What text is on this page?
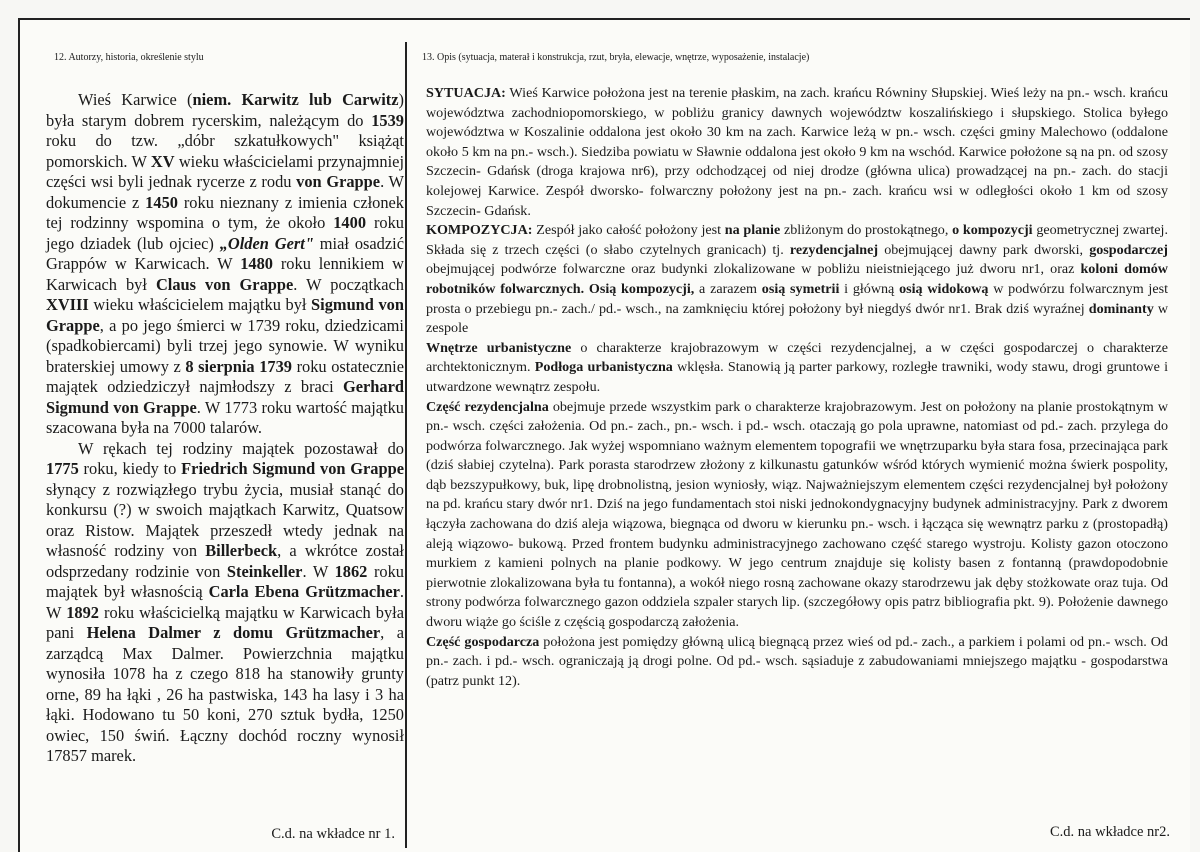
12. Autorzy, historia, określenie stylu

Wieś Karwice (niem. Karwitz lub Carwitz) była starym dobrem rycerskim, należącym do 1539 roku do tzw. „dóbr szkatułkowych" książąt pomorskich. W XV wieku właścicielami przynajmniej części wsi byli jednak rycerze z rodu von Grappe. W dokumencie z 1450 roku nieznany z imienia członek tej rodzinny wspomina o tym, że około 1400 roku jego dziadek (lub ojciec) „Olden Gert" miał osadzić Grappów w Karwicach. W 1480 roku lennikiem w Karwicach był Claus von Grappe. W początkach XVIII wieku właścicielem majątku był Sigmund von Grappe, a po jego śmierci w 1739 roku, dziedzicami (spadkobiercami) byli trzej jego synowie. W wyniku braterskiej umowy z 8 sierpnia 1739 roku ostatecznie majątek odziedziczył najmłodszy z braci Gerhard Sigmund von Grappe. W 1773 roku wartość majątku szacowana była na 7000 talarów.

W rękach tej rodziny majątek pozostawał do 1775 roku, kiedy to Friedrich Sigmund von Grappe słynący z rozwiązłego trybu życia, musiał stanąć do konkursu (?) w swoich majątkach Karwitz, Quatsow oraz Ristow. Majątek przeszedł wtedy jednak na własność rodziny von Billerbeck, a wkrótce został odsprzedany rodzinie von Steinkeller. W 1862 roku majątek był własnością Carla Ebena Grützmacher. W 1892 roku właścicielką majątku w Karwicach była pani Helena Dalmer z domu Grützmacher, a zarządcą Max Dalmer. Powierzchnia majątku wynosiła 1078 ha z czego 818 ha stanowiły grunty orne, 89 ha łąki , 26 ha pastwiska, 143 ha lasy i 3 ha łąki. Hodowano tu 50 koni, 270 sztuk bydła, 1250 owiec, 150 świń. Łączny dochód roczny wynosił 17857 marek.

C.d. na wkładce nr 1.
13. Opis (sytuacja, materał i konstrukcja, rzut, bryła, elewacje, wnętrze, wyposażenie, instalacje)

SYTUACJA: Wieś Karwice położona jest na terenie płaskim, na zach. krańcu Równiny Słupskiej. Wieś leży na pn.- wsch. krańcu województwa zachodniopomorskiego, w pobliżu granicy dawnych województw koszalińskiego i słupskiego. Stolica byłego województwa w Koszalinie oddalona jest około 30 km na zach. Karwice leżą w pn.- wsch. części gminy Malechowo (oddalone około 5 km na pn.- wsch.). Siedziba powiatu w Sławnie oddalona jest około 9 km na wschód. Karwice położone są na pn. od szosy Szczecin- Gdańsk (droga krajowa nr6), przy odchodzącej od niej drodze (główna ulica) prowadzącej na pn.- zach. do stacji kolejowej Karwice. Zespół dworsko- folwarczny położony jest na pn.- zach. krańcu wsi w odległości około 1 km od szosy Szczecin- Gdańsk.

KOMPOZYCJA: Zespół jako całość położony jest na planie zbliżonym do prostokątnego, o kompozycji geometrycznej zwartej. Składa się z trzech części (o słabo czytelnych granicach) tj. rezydencjalnej obejmującej dawny park dworski, gospodarczej obejmującej podwórze folwarczne oraz budynki zlokalizowane w pobliżu nieistniejącego już dworu nr1, oraz koloni domów robotników folwarcznych. Osią kompozycji, a zarazem osią symetrii i główną osią widokową w podwórzu folwarcznym jest prosta o przebiegu pn.- zach./ pd.- wsch., na zamknięciu której położony był niegdyś dwór nr1. Brak dziś wyraźnej dominanty w zespole

Wnętrze urbanistyczne o charakterze krajobrazowym w części rezydencjalnej, a w części gospodarczej o charakterze archtektonicznym. Podłoga urbanistyczna wklęsła. Stanowią ją parter parkowy, rozległe trawniki, wody stawu, drogi gruntowe i utwardzone wewnątrz zespołu.

Część rezydencjalna obejmuje przede wszystkim park o charakterze krajobrazowym. Jest on położony na planie prostokątnym w pn.- wsch. części założenia. Od pn.- zach., pn.- wsch. i pd.- wsch. otaczają go pola uprawne, natomiast od pd.- zach. przylega do podwórza folwarcznego. Jak wyżej wspomniano ważnym elementem topografii we wnętrzuparku była stara fosa, przecinająca park (dziś słabiej czytelna). Park porasta starodrzew złożony z kilkunastu gatunków wśród których wymienić można świerk pospolity, dąb bezszypułkowy, buk, lipę drobnolistną, jesion wyniosły, wiąz. Najważniejszym elementem części rezydencjalnej był położony na pd. krańcu stary dwór nr1. Dziś na jego fundamentach stoi niski jednokondygnacyjny budynek administracyjny. Park z dworem łączyła zachowana do dziś aleja wiązowa, biegnąca od dworu w kierunku pn.- wsch. i łącząca się wewnątrz parku z (prostopadłą) aleją wiązowo- bukową. Przed frontem budynku administracyjnego zachowano część starego wystroju. Kolisty gazon otoczono murkiem z kamieni polnych na planie podkowy. W jego centrum znajduje się kolisty basen z fontanną (prawdopodobnie pierwotnie zlokalizowana była tu fontanna), a wokół niego rosną zachowane okazy starodrzewu jak dęby stożkowate oraz tuja. Od strony podwórza folwarcznego gazon oddziela szpaler starych lip. (szczegółowy opis patrz bibliografia pkt. 9). Położenie dawnego dworu wiąże go ściśle z częścią gospodarczą założenia.

Część gospodarcza położona jest pomiędzy główną ulicą biegnącą przez wieś od pd.- zach., a parkiem i polami od pn.- wsch. Od pn.- zach. i pd.- wsch. ograniczają ją drogi polne. Od pd.- wsch. sąsiaduje z zabudowaniami mniejszego majątku - gospodarstwa (patrz punkt 12).

C.d. na wkładce nr2.
